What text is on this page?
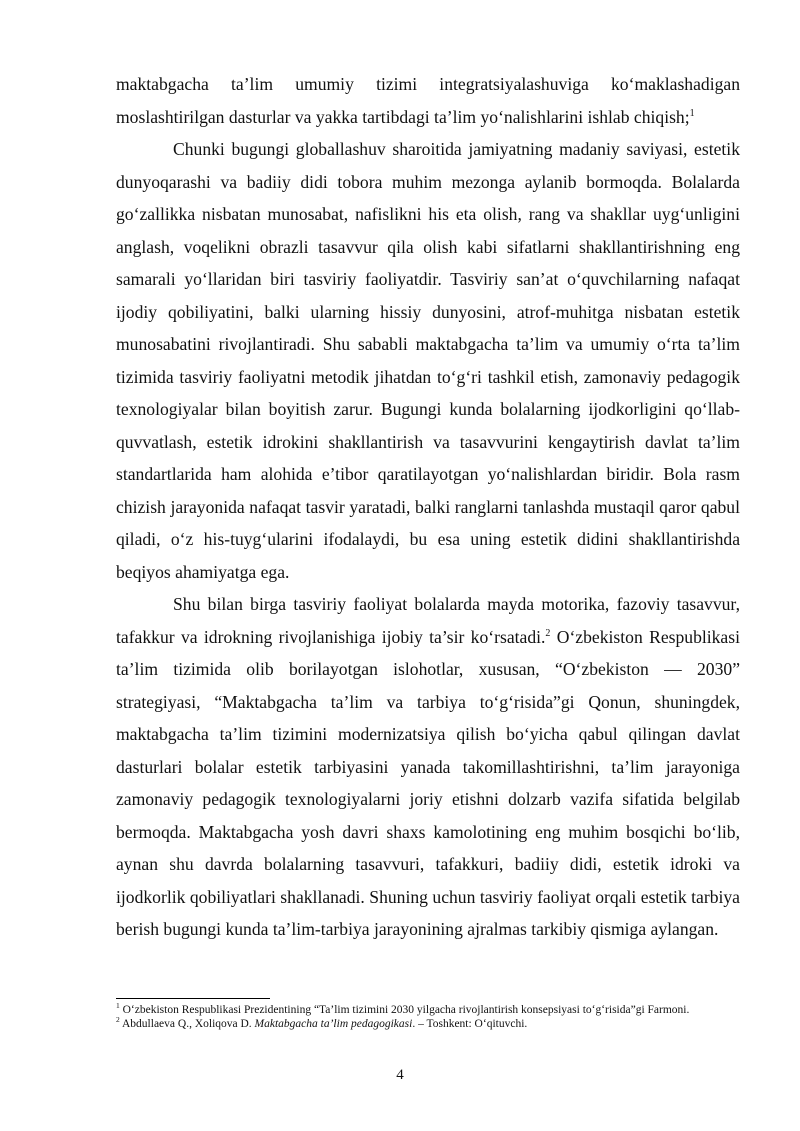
maktabgacha ta’lim umumiy tizimi integratsiyalashuviga ko‘maklashadigan moslashtirilgan dasturlar va yakka tartibdagi ta’lim yo‘nalishlarini ishlab chiqish;$^1$

Chunki bugungi globallashuv sharoitida jamiyatning madaniy saviyasi, estetik dunyoqarashi va badiiy didi tobora muhim mezonga aylanib bormoqda. Bolalarda go‘zallikka nisbatan munosabat, nafislikni his eta olish, rang va shakllar uyg‘unligini anglash, voqelikni obrazli tasavvur qila olish kabi sifatlarni shakllantirishning eng samarali yo‘llaridan biri tasviriy faoliyatdir. Tasviriy san’at o‘quvchilarning nafaqat ijodiy qobiliyatini, balki ularning hissiy dunyosini, atrof-muhitga nisbatan estetik munosabatini rivojlantiradi. Shu sababli maktabgacha ta’lim va umumiy o‘rta ta’lim tizimida tasviriy faoliyatni metodik jihatdan to‘g‘ri tashkil etish, zamonaviy pedagogik texnologiyalar bilan boyitish zarur. Bugungi kunda bolalarning ijodkorligini qo‘llab-quvvatlash, estetik idrokini shakllantirish va tasavvurini kengaytirish davlat ta’lim standartlarida ham alohida e’tibor qaratilayotgan yo‘nalishlardan biridir. Bola rasm chizish jarayonida nafaqat tasvir yaratadi, balki ranglarni tanlashda mustaqil qaror qabul qiladi, o‘z his-tuyg‘ularini ifodalaydi, bu esa uning estetik didini shakllantirishda beqiyos ahamiyatga ega.

Shu bilan birga tasviriy faoliyat bolalarda mayda motorika, fazoviy tasavvur, tafakkur va idrokning rivojlanishiga ijobiy ta’sir ko‘rsatadi.$^2$ O‘zbekiston Respublikasi ta’lim tizimida olib borilayotgan islohotlar, xususan, “O‘zbekiston — 2030” strategiyasi, “Maktabgacha ta’lim va tarbiya to‘g‘risida”gi Qonun, shuningdek, maktabgacha ta’lim tizimini modernizatsiya qilish bo‘yicha qabul qilingan davlat dasturlari bolalar estetik tarbiyasini yanada takomillashtirishni, ta’lim jarayoniga zamonaviy pedagogik texnologiyalarni joriy etishni dolzarb vazifa sifatida belgilab bermoqda. Maktabgacha yosh davri shaxs kamolotining eng muhim bosqichi bo‘lib, aynan shu davrda bolalarning tasavvuri, tafakkuri, badiiy didi, estetik idroki va ijodkorlik qobiliyatlari shakllanadi. Shuning uchun tasviriy faoliyat orqali estetik tarbiya berish bugungi kunda ta’lim-tarbiya jarayonining ajralmas tarkibiy qismiga aylangan.

$^1$ O‘zbekiston Respublikasi Prezidentining “Ta’lim tizimini 2030 yilgacha rivojlantirish konsepsiyasi to‘g‘risida”gi Farmoni.

$^2$ Abdullaeva Q., Xoliqova D. Maktabgacha ta’lim pedagogikasi. – Toshkent: O‘qituvchi.

4
